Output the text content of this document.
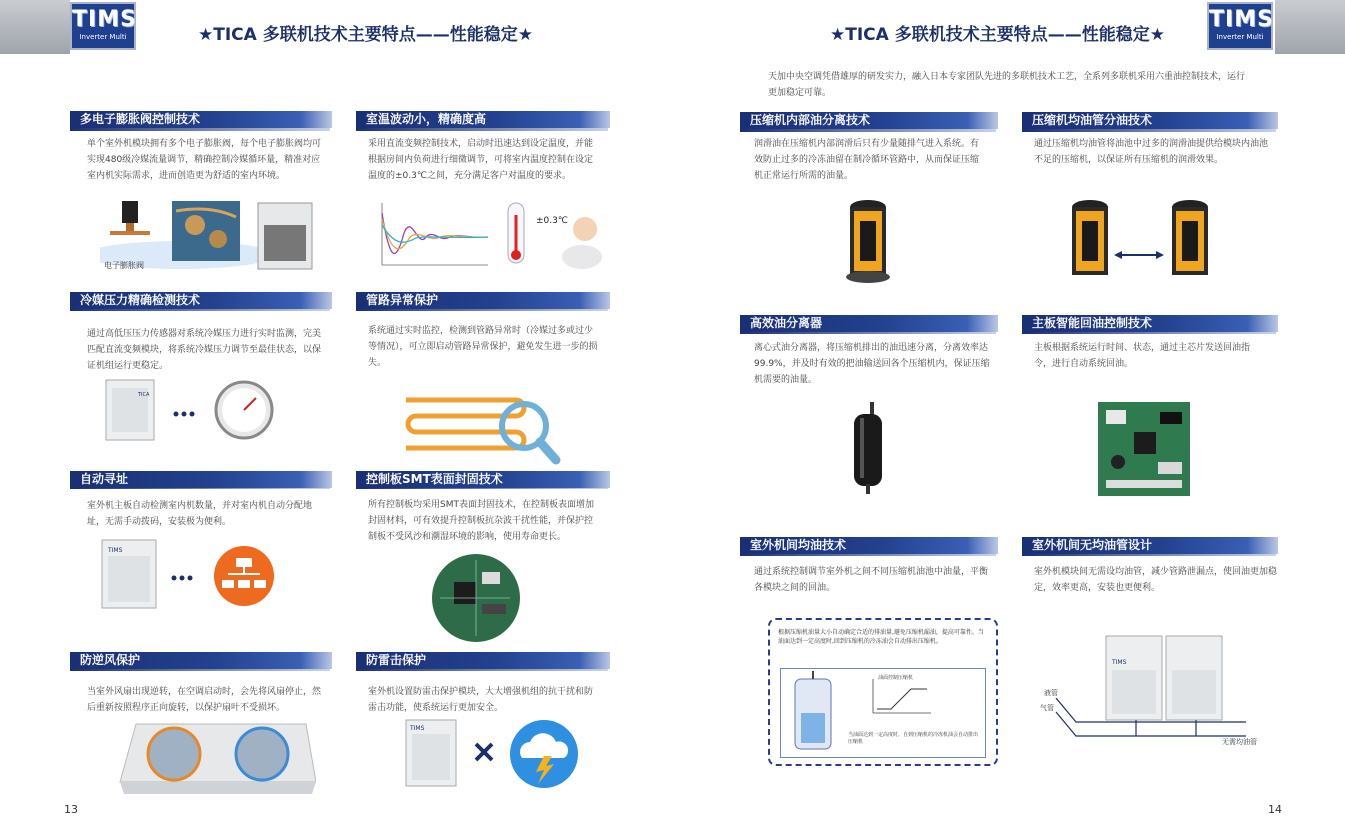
TIMS
Inverter Multi
TIMS
Inverter Multi
★TICA 多联机技术主要特点——性能稳定★	★TICA 多联机技术主要特点——性能稳定★
多电子膨胀阀控制技术
单个室外机模块拥有多个电子膨胀阀，每个电子膨胀阀均可实现480级冷媒流量调节，精确控制冷媒循环量，精准对应室内机实际需求，进而创造更为舒适的室内环境。
电子膨胀阀
室温波动小，精确度高
采用直流变频控制技术，启动时迅速达到设定温度，并能根据房间内负荷进行细微调节，可将室内温度控制在设定温度的±0.3℃之间，充分满足客户对温度的要求。
±0.3℃
冷媒压力精确检测技术
通过高低压压力传感器对系统冷媒压力进行实时监测，完美匹配直流变频模块，将系统冷媒压力调节至最佳状态，以保证机组运行更稳定。
TICA
管路异常保护
系统通过实时监控，检测到管路异常时（冷媒过多或过少等情况），可立即启动管路异常保护，避免发生进一步的损失。
自动寻址
室外机主板自动检测室内机数量，并对室内机自动分配地址，无需手动拨码，安装极为便利。
TIMS
控制板SMT表面封固技术
所有控制板均采用SMT表面封固技术，在控制板表面增加封固材料，可有效提升控制板抗杂波干扰性能，并保护控制板不受风沙和潮湿环境的影响，使用寿命更长。
防逆风保护
当室外风扇出现逆转，在空调启动时，会先将风扇停止，然后重新按照程序正向旋转，以保护扇叶不受损坏。
防雷击保护
室外机设置防雷击保护模块，大大增强机组的抗干扰和防雷击功能，使系统运行更加安全。
TIMS
13
天加中央空调凭借雄厚的研发实力，融入日本专家团队先进的多联机技术工艺，全系列多联机采用六重油控制技术，运行更加稳定可靠。
压缩机内部油分离技术
润滑油在压缩机内部润滑后只有少量随排气进入系统。有效防止过多的冷冻油留在制冷循环管路中，从而保证压缩机正常运行所需的油量。
压缩机均油管分油技术
通过压缩机均油管将油池中过多的润滑油提供给模块内油池不足的压缩机，以保证所有压缩机的润滑效果。
高效油分离器
离心式油分离器，将压缩机排出的油迅速分离，分离效率达99.9%，并及时有效的把油输送回各个压缩机内，保证压缩机需要的油量。
主板智能回油控制技术
主板根据系统运行时间、状态，通过主芯片发送回油指令，进行自动系统回油。
室外机间均油技术
通过系统控制调节室外机之间不同压缩机油池中油量，平衡各模块之间的回油。
室外机间无均油管设计
室外机模块间无需设均油管，减少管路泄漏点，使回油更加稳定，效率更高，安装也更便利。
根据压缩机油量大小自动确定合适的排油量,避免压缩机漏油，提高可靠性。当油面达到一定高度时,回到压缩机的冷冻油会自动排出压缩机。
油面控制压缩机
当油面达到一定高度时，自到压缩机的冷冻机油会自动排出压缩机
TIMS
液管
气管
无需均油管
14
